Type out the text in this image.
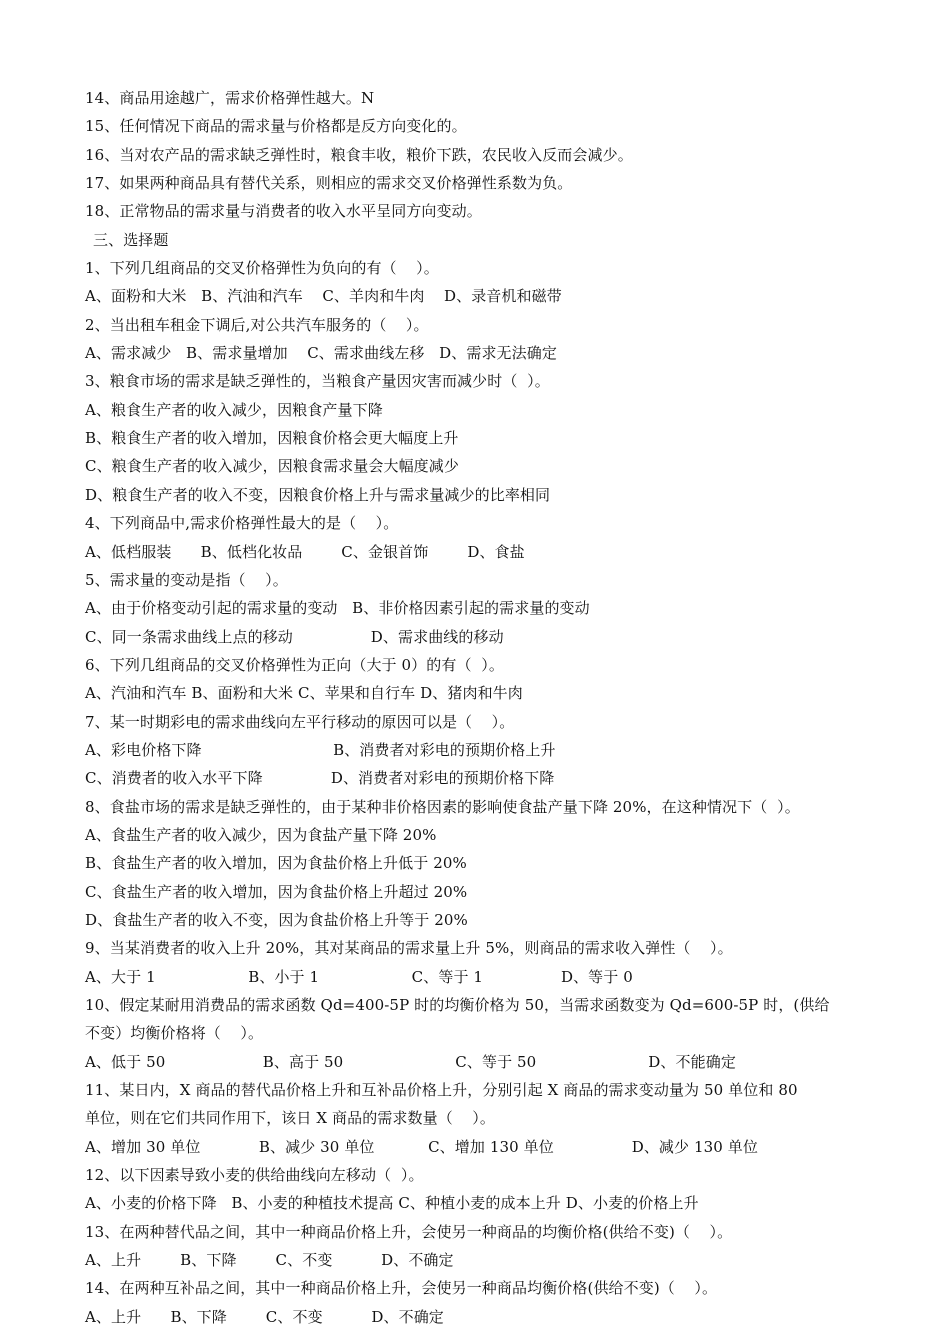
14、商品用途越广，需求价格弹性越大。N
15、任何情况下商品的需求量与价格都是反方向变化的。
16、当对农产品的需求缺乏弹性时，粮食丰收，粮价下跌，农民收入反而会减少。
17、如果两种商品具有替代关系，则相应的需求交叉价格弹性系数为负。
18、正常物品的需求量与消费者的收入水平呈同方向变动。
三、选择题
1、下列几组商品的交叉价格弹性为负向的有（    ）。
A、面粉和大米   B、汽油和汽车    C、羊肉和牛肉    D、录音机和磁带
2、当出租车租金下调后,对公共汽车服务的（    ）。
A、需求减少   B、需求量增加    C、需求曲线左移   D、需求无法确定
3、粮食市场的需求是缺乏弹性的，当粮食产量因灾害而减少时（  ）。
A、粮食生产者的收入减少，因粮食产量下降
B、粮食生产者的收入增加，因粮食价格会更大幅度上升
C、粮食生产者的收入减少，因粮食需求量会大幅度减少
D、粮食生产者的收入不变，因粮食价格上升与需求量减少的比率相同
4、下列商品中,需求价格弹性最大的是（    ）。
A、低档服装      B、低档化妆品        C、金银首饰        D、食盐
5、需求量的变动是指（    ）。
A、由于价格变动引起的需求量的变动   B、非价格因素引起的需求量的变动
C、同一条需求曲线上点的移动                D、需求曲线的移动
6、下列几组商品的交叉价格弹性为正向（大于 0）的有（  ）。
A、汽油和汽车 B、面粉和大米 C、苹果和自行车 D、猪肉和牛肉
7、某一时期彩电的需求曲线向左平行移动的原因可以是（    ）。
A、彩电价格下降                           B、消费者对彩电的预期价格上升
C、消费者的收入水平下降              D、消费者对彩电的预期价格下降
8、食盐市场的需求是缺乏弹性的，由于某种非价格因素的影响使食盐产量下降 20%，在这种情况下（  ）。
A、食盐生产者的收入减少，因为食盐产量下降 20%
B、食盐生产者的收入增加，因为食盐价格上升低于 20%
C、食盐生产者的收入增加，因为食盐价格上升超过 20%
D、食盐生产者的收入不变，因为食盐价格上升等于 20%
9、当某消费者的收入上升 20%，其对某商品的需求量上升 5%，则商品的需求收入弹性（    ）。
A、大于 1                   B、小于 1                   C、等于 1                D、等于 0
10、假定某耐用消费品的需求函数 Qd=400-5P 时的均衡价格为 50，当需求函数变为 Qd=600-5P 时，(供给
不变）均衡价格将（    ）。
A、低于 50                    B、高于 50                       C、等于 50                       D、不能确定
11、某日内，X 商品的替代品价格上升和互补品价格上升，分别引起 X 商品的需求变动量为 50 单位和 80
单位，则在它们共同作用下，该日 X 商品的需求数量（    ）。
A、增加 30 单位            B、减少 30 单位           C、增加 130 单位                D、减少 130 单位
12、以下因素导致小麦的供给曲线向左移动（  ）。
A、小麦的价格下降   B、小麦的种植技术提高 C、种植小麦的成本上升 D、小麦的价格上升
13、在两种替代品之间，其中一种商品价格上升，会使另一种商品的均衡价格(供给不变)（    ）。
A、上升        B、下降        C、不变          D、不确定
14、在两种互补品之间，其中一种商品价格上升，会使另一种商品均衡价格(供给不变)（    ）。
A、上升      B、下降        C、不变          D、不确定
